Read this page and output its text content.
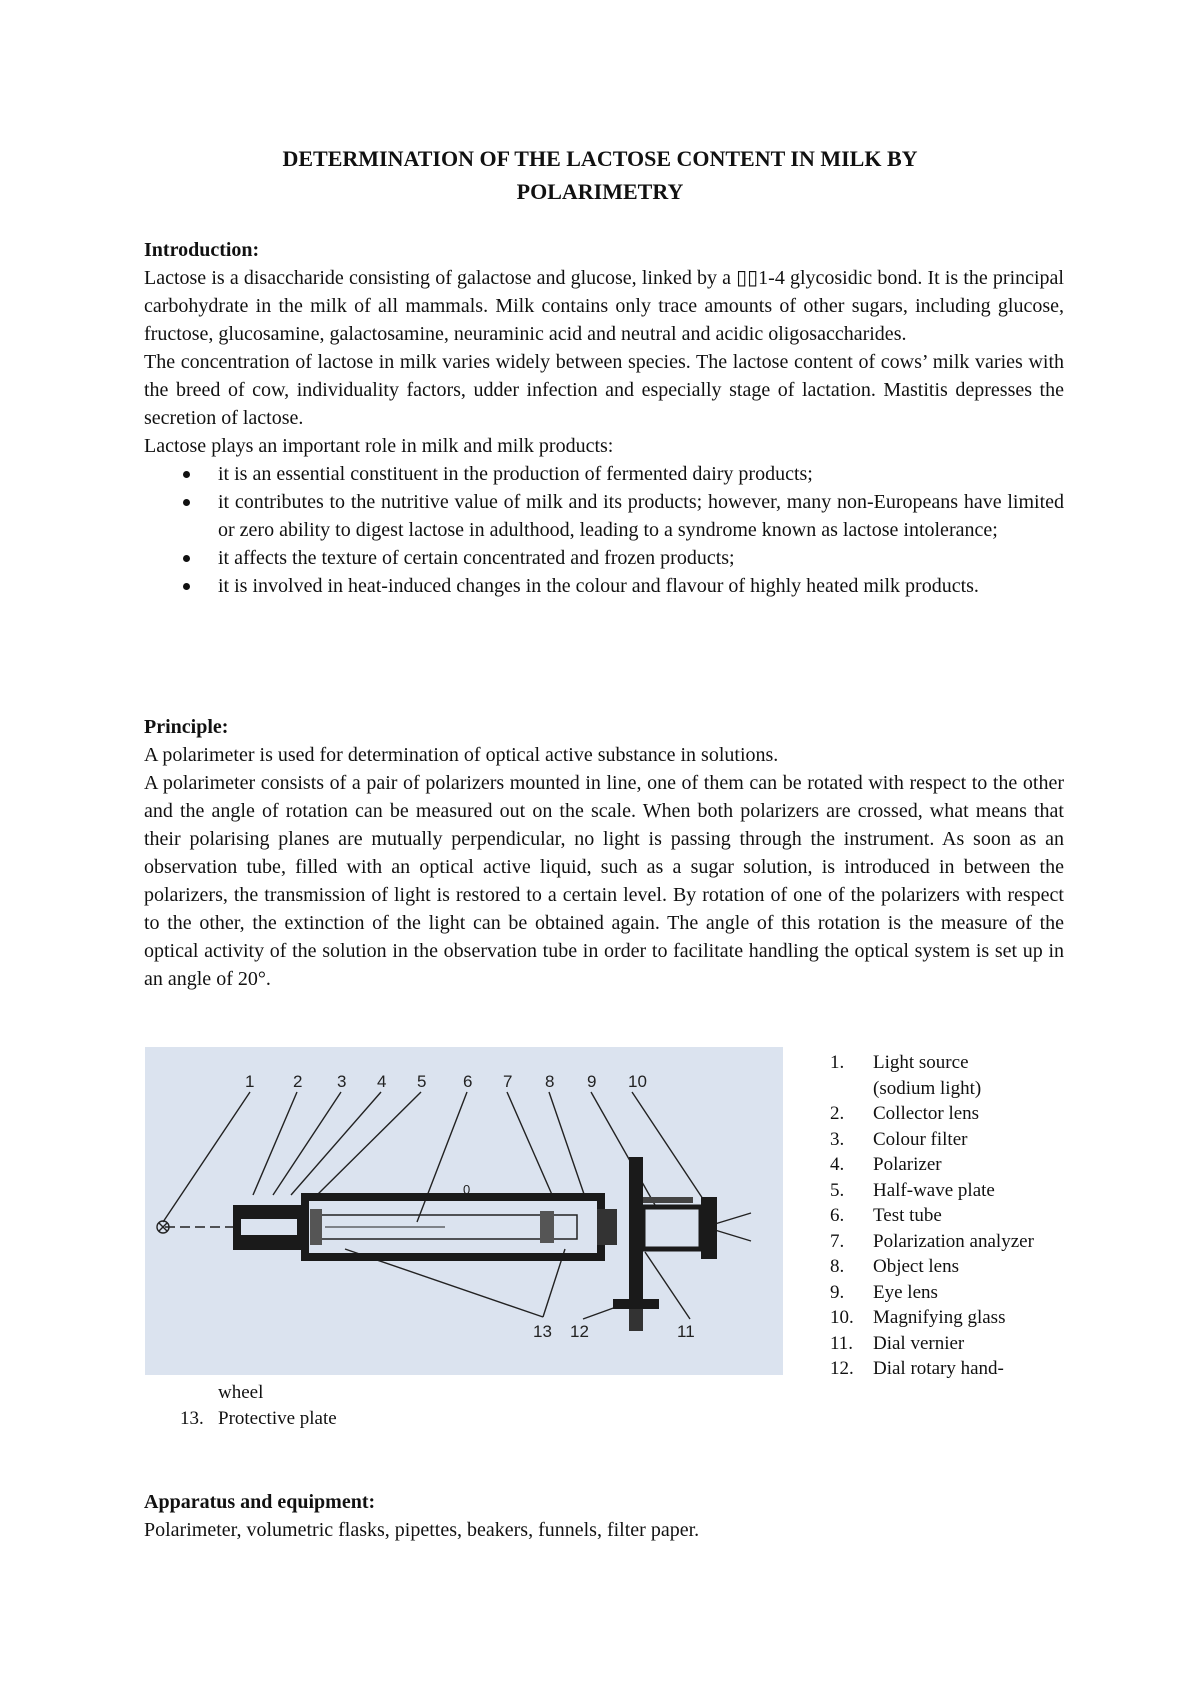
DETERMINATION OF THE LACTOSE CONTENT IN MILK BY
POLARIMETRY
Introduction:
Lactose is a disaccharide consisting of galactose and glucose, linked by a ▯▯1-4 glycosidic bond. It is the principal carbohydrate in the milk of all mammals. Milk contains only trace amounts of other sugars, including glucose, fructose, glucosamine, galactosamine, neuraminic acid and neutral and acidic oligosaccharides.
The concentration of lactose in milk varies widely between species. The lactose content of cows’ milk varies with the breed of cow, individuality factors, udder infection and especially stage of lactation. Mastitis depresses the secretion of lactose.
Lactose plays an important role in milk and milk products:
it is an essential constituent in the production of fermented dairy products;
it contributes to the nutritive value of milk and its products; however, many non-Europeans have limited or zero ability to digest lactose in adulthood, leading to a syndrome known as lactose intolerance;
it affects the texture of certain concentrated and frozen products;
it is involved in heat-induced changes in the colour and flavour of highly heated milk products.
Principle:
A polarimeter is used for determination of optical active substance in solutions.
A polarimeter consists of a pair of polarizers mounted in line, one of them can be rotated with respect to the other and the angle of rotation can be measured out on the scale. When both polarizers are crossed, what means that their polarising planes are mutually perpendicular, no light is passing through the instrument. As soon as an observation tube, filled with an optical active liquid, such as a sugar solution, is introduced in between the polarizers, the transmission of light is restored to a certain level. By rotation of one of the polarizers with respect to the other, the extinction of the light can be obtained again. The angle of this rotation is the measure of the optical activity of the solution in the observation tube in order to facilitate handling the optical system is set up in an angle of 20°.
1 2 3 4 5 6 7 8 9 10
13 12	11
0
1. Light source
(sodium light)
2. Collector lens
3. Colour filter
4. Polarizer
5. Half-wave plate
6. Test tube
7. Polarization analyzer
8. Object lens
9. Eye lens
10. Magnifying glass
11. Dial vernier
12. Dial rotary hand-
wheel
13. Protective plate
Apparatus and equipment:
Polarimeter, volumetric flasks, pipettes, beakers, funnels, filter paper.
